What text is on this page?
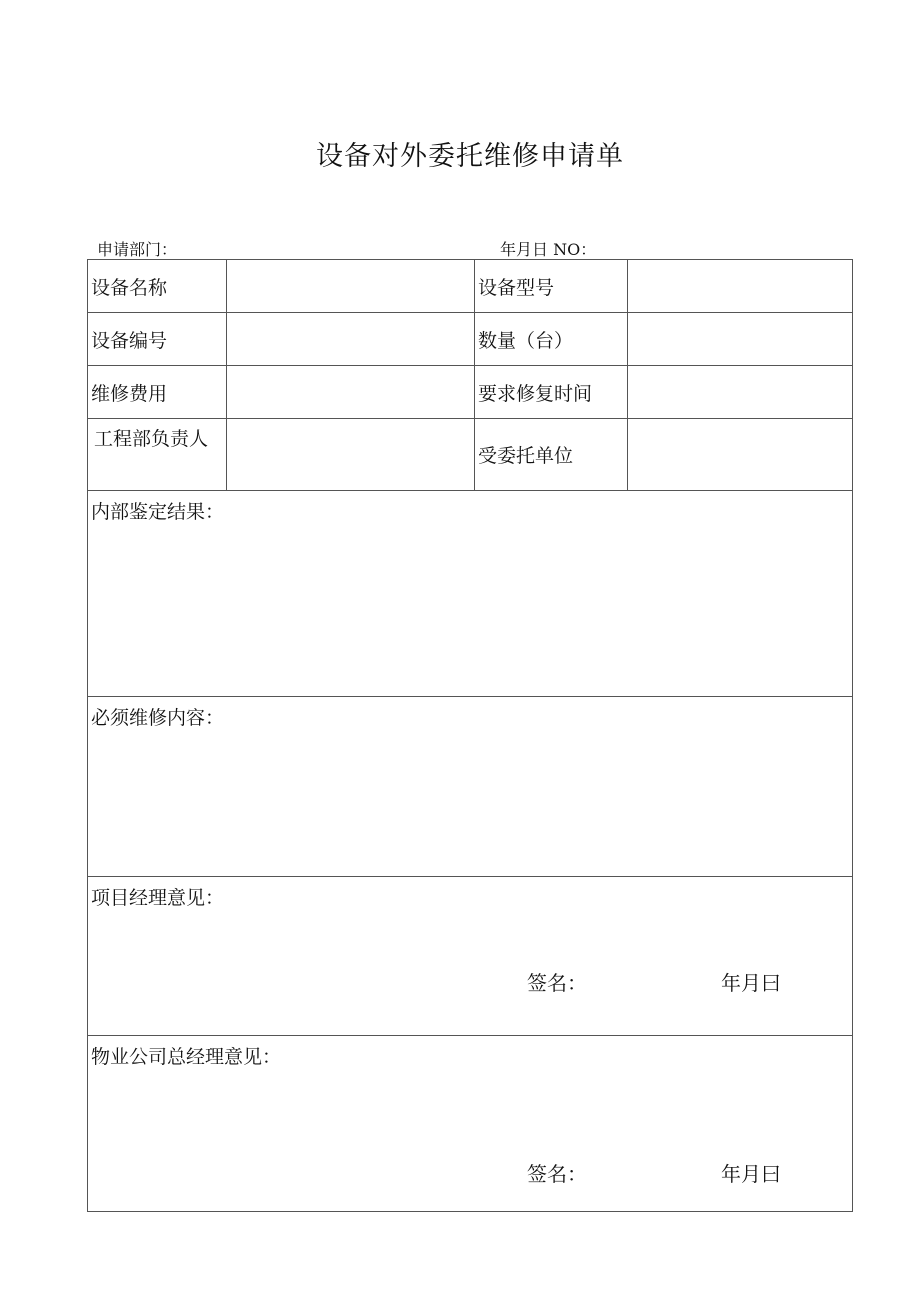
设备对外委托维修申请单
申请部门：	年月日 NO：
设备名称		设备型号	
设备编号		数量（台）	
维修费用		要求修复时间	
工程部负责人		受委托单位	
内部鉴定结果：			
必须维修内容：			
项目经理意见：
签名： 年月曰			

物业公司总经理意见：
签名： 年月曰			
